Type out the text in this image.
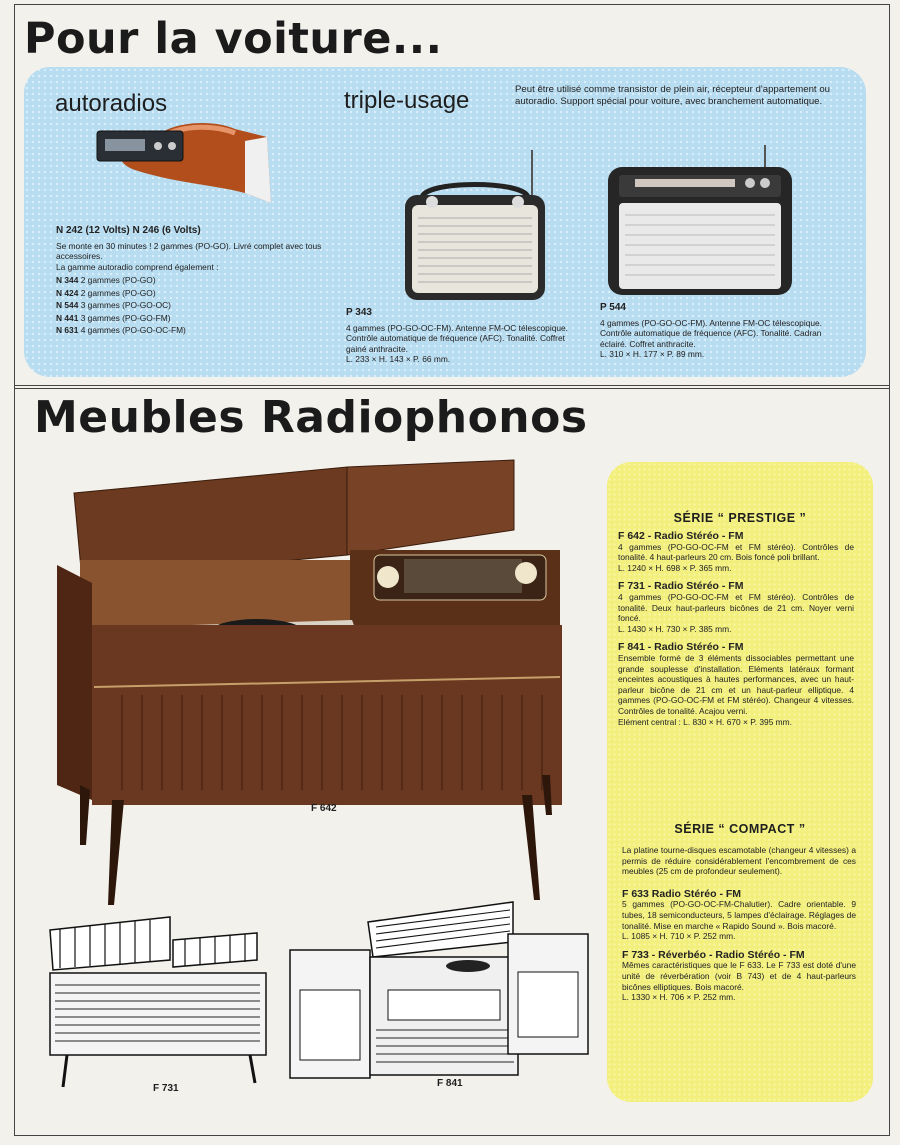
Pour la voiture...
autoradios	triple-usage	Peut être utilisé comme transistor de plein air, récepteur d'appartement ou autoradio. Support spécial pour voiture, avec branchement automatique.
N 242 (12 Volts) N 246 (6 Volts)
Se monte en 30 minutes ! 2 gammes (PO-GO). Livré complet avec tous accessoires.
La gamme autoradio comprend également :
N 344 2 gammes (PO-GO)
N 424 2 gammes (PO-GO)
N 544 3 gammes (PO-GO-OC)
N 441 3 gammes (PO-GO-FM)
N 631 4 gammes (PO-GO-OC-FM)
P 343
4 gammes (PO-GO-OC-FM). Antenne FM-OC télescopique. Contrôle automatique de fréquence (AFC). Tonalité. Coffret gainé anthracite.
L. 233 × H. 143 × P. 66 mm.
P 544
4 gammes (PO-GO-OC-FM). Antenne FM-OC télescopique. Contrôle automatique de fréquence (AFC). Tonalité. Cadran éclairé. Coffret anthracite.
L. 310 × H. 177 × P. 89 mm.
Meubles Radiophonos
F 642
F 731	F 841
SÉRIE “ PRESTIGE ”
F 642 - Radio Stéréo - FM
4 gammes (PO-GO-OC-FM et FM stéréo). Contrôles de tonalité. 4 haut-parleurs 20 cm. Bois foncé poli brillant.
L. 1240 × H. 698 × P. 365 mm.
F 731 - Radio Stéréo - FM
4 gammes (PO-GO-OC-FM et FM stéréo). Contrôles de tonalité. Deux haut-parleurs bicônes de 21 cm. Noyer verni foncé.
L. 1430 × H. 730 × P. 385 mm.
F 841 - Radio Stéréo - FM
Ensemble formé de 3 éléments dissociables permettant une grande souplesse d'installation. Eléments latéraux formant enceintes acoustiques à hautes performances, avec un haut-parleur bicône de 21 cm et un haut-parleur elliptique. 4 gammes (PO-GO-OC-FM et FM stéréo). Changeur 4 vitesses. Contrôles de tonalité. Acajou verni.
Elément central : L. 830 × H. 670 × P. 395 mm.
SÉRIE “ COMPACT ”
La platine tourne-disques escamotable (changeur 4 vitesses) a permis de réduire considérablement l'encombrement de ces meubles (25 cm de profondeur seulement).
F 633 Radio Stéréo - FM
5 gammes (PO-GO-OC-FM-Chalutier). Cadre orientable. 9 tubes, 18 semiconducteurs, 5 lampes d'éclairage. Réglages de tonalité. Mise en marche « Rapido Sound ». Bois macoré.
L. 1085 × H. 710 × P. 252 mm.
F 733 - Réverbéo - Radio Stéréo - FM
Mêmes caractéristiques que le F 633. Le F 733 est doté d'une unité de réverbération (voir B 743) et de 4 haut-parleurs bicônes elliptiques. Bois macoré.
L. 1330 × H. 706 × P. 252 mm.
